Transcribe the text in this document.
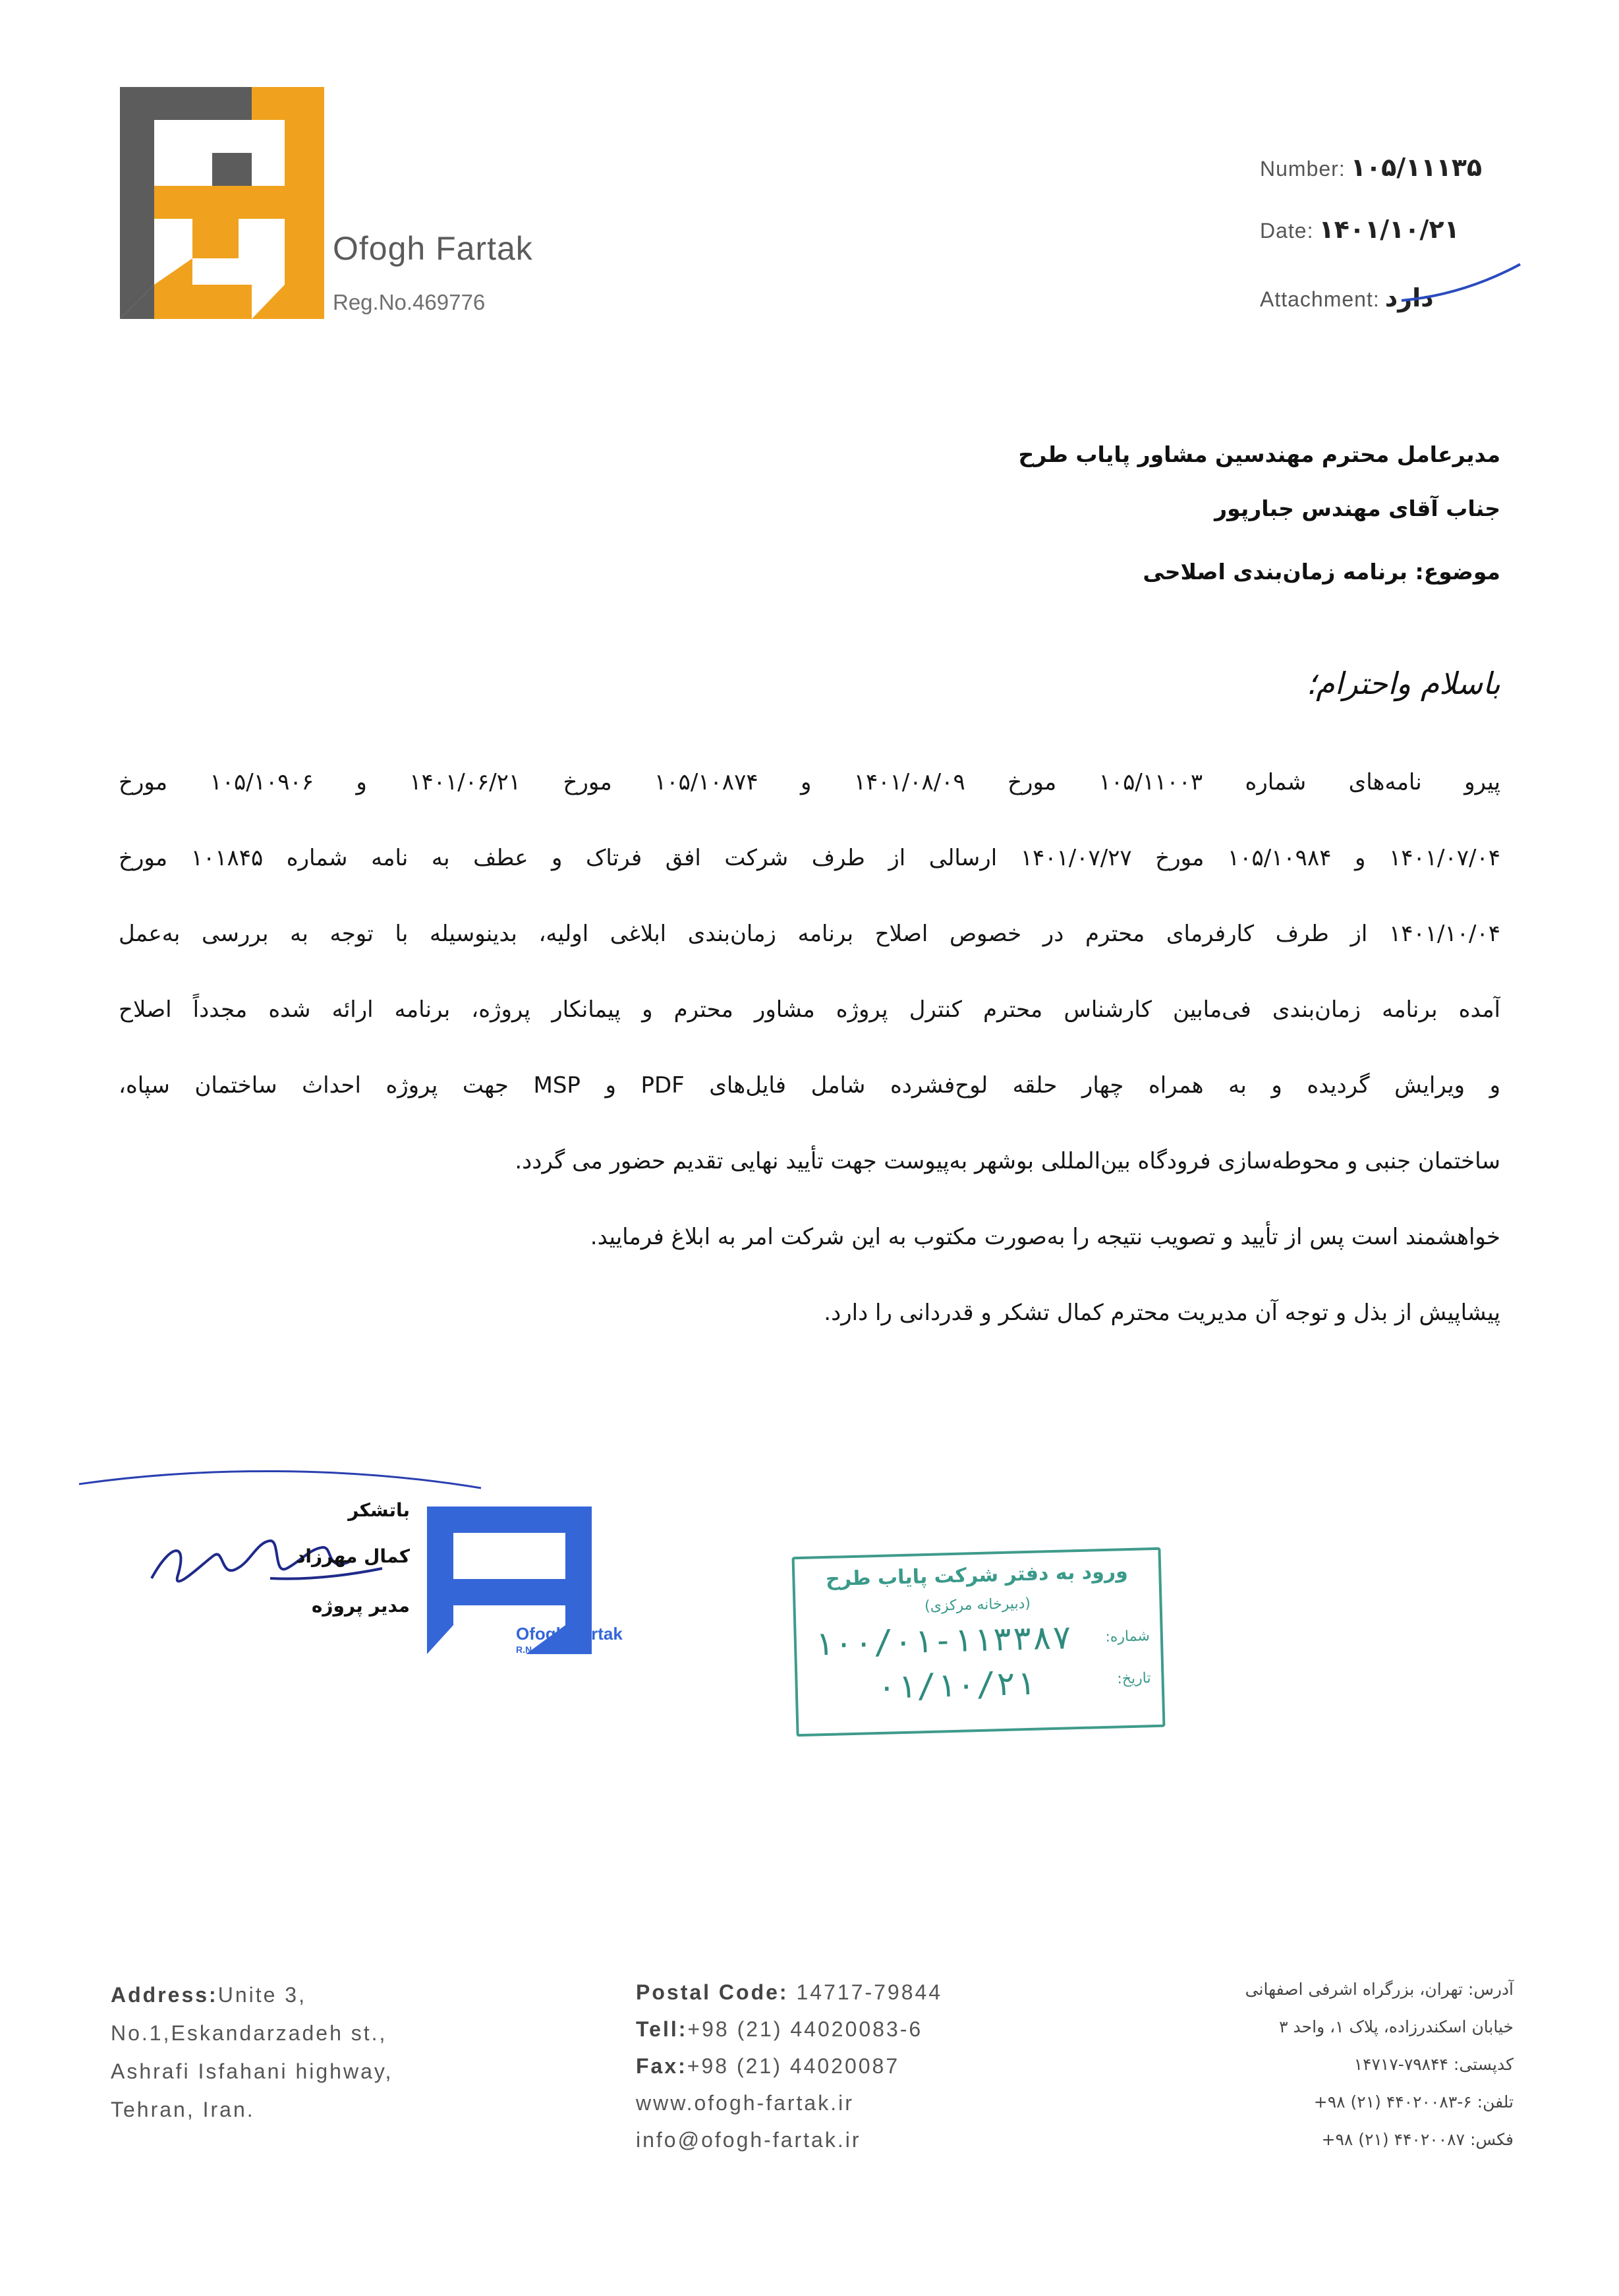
Ofogh Fartak
Reg.No.469776
Number: ۱۰۵/۱۱۱۳۵
Date: ۱۴۰۱/۱۰/۲۱
Attachment: دارد
مدیرعامل محترم مهندسین مشاور پایاب طرح
جناب آقای مهندس جبارپور
موضوع: برنامه زمان‌بندی اصلاحی
باسلام واحترام؛
پیرو نامه‌های شماره ۱۰۵/۱۱۰۰۳ مورخ ۱۴۰۱/۰۸/۰۹ و ۱۰۵/۱۰۸۷۴ مورخ ۱۴۰۱/۰۶/۲۱ و ۱۰۵/۱۰۹۰۶ مورخ
۱۴۰۱/۰۷/۰۴ و ۱۰۵/۱۰۹۸۴ مورخ ۱۴۰۱/۰۷/۲۷ ارسالی از طرف شرکت افق فرتاک و عطف به نامه شماره ۱۰۱۸۴۵ مورخ
۱۴۰۱/۱۰/۰۴ از طرف کارفرمای محترم در خصوص اصلاح برنامه زمان‌بندی ابلاغی اولیه، بدینوسیله با توجه به بررسی به‌عمل
آمده برنامه زمان‌بندی فی‌مابین کارشناس محترم کنترل پروژه مشاور محترم و پیمانکار پروژه، برنامه ارائه شده مجدداً اصلاح
و ویرایش گردیده و به همراه چهار حلقه لوح‌فشرده شامل فایل‌های PDF و MSP جهت پروژه احداث ساختمان سپاه،
ساختمان جنبی و محوطه‌سازی فرودگاه بین‌المللی بوشهر به‌پیوست جهت تأیید نهایی تقدیم حضور می گردد.
خواهشمند است پس از تأیید و تصویب نتیجه را به‌صورت مکتوب به این شرکت امر به ابلاغ فرمایید.
پیشاپیش از بذل و توجه آن مدیریت محترم کمال تشکر و قدردانی را دارد.
Ofogh Fartak
R.N 469776
باتشکر
کمال مهرزاد
مدیر پروژه
ورود به دفتر شرکت پایاب طرح
(دبیرخانه مرکزی)
شماره:
۱۰۰/۰۱-۱۱۳۳۸۷
تاریخ:
۰۱/۱۰/۲۱
Address:Unite 3,
No.1,Eskandarzadeh st.,
Ashrafi Isfahani highway,
Tehran, Iran.
Postal Code: 14717-79844
Tell:+98 (21) 44020083-6
Fax:+98 (21) 44020087
www.ofogh-fartak.ir
info@ofogh-fartak.ir
آدرس: تهران، بزرگراه اشرفی اصفهانی
خیابان اسکندرزاده، پلاک ۱، واحد ۳
کدپستی: ۷۹۸۴۴-۱۴۷۱۷
تلفن: ۶-۴۴۰۲۰۰۸۳ (۲۱) ۹۸+
فکس: ۴۴۰۲۰۰۸۷ (۲۱) ۹۸+
